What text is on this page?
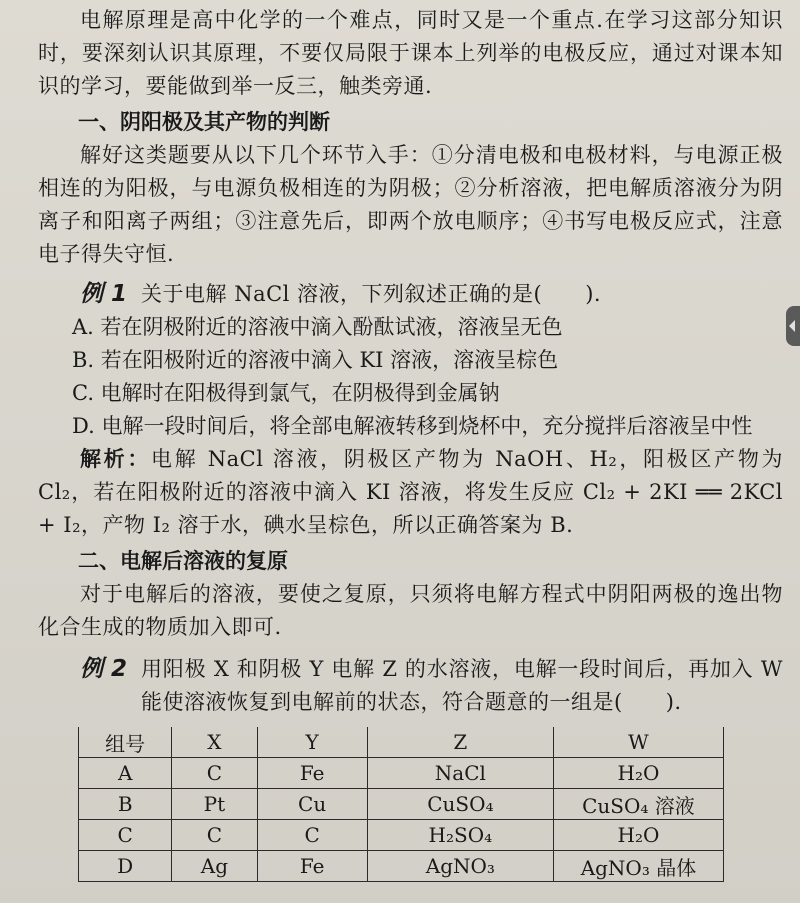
电解原理是高中化学的一个难点，同时又是一个重点.在学习这部分知识时，要深刻认识其原理，不要仅局限于课本上列举的电极反应，通过对课本知识的学习，要能做到举一反三，触类旁通.

一、阴阳极及其产物的判断

解好这类题要从以下几个环节入手：①分清电极和电极材料，与电源正极相连的为阳极，与电源负极相连的为阴极；②分析溶液，把电解质溶液分为阴离子和阳离子两组；③注意先后，即两个放电顺序；④书写电极反应式，注意电子得失守恒.

例 1 关于电解 NaCl 溶液，下列叙述正确的是(　　).

A. 若在阴极附近的溶液中滴入酚酞试液，溶液呈无色

B. 若在阳极附近的溶液中滴入 KI 溶液，溶液呈棕色

C. 电解时在阳极得到氯气，在阴极得到金属钠

D. 电解一段时间后，将全部电解液转移到烧杯中，充分搅拌后溶液呈中性

解析：电解 NaCl 溶液，阴极区产物为 NaOH、H₂，阳极区产物为 Cl₂，若在阳极附近的溶液中滴入 KI 溶液，将发生反应 Cl₂ + 2KI ══ 2KCl + I₂，产物 I₂ 溶于水，碘水呈棕色，所以正确答案为 B.

二、电解后溶液的复原

对于电解后的溶液，要使之复原，只须将电解方程式中阴阳两极的逸出物化合生成的物质加入即可.

例 2 用阳极 X 和阴极 Y 电解 Z 的水溶液，电解一段时间后，再加入 W 能使溶液恢复到电解前的状态，符合题意的一组是(　　).
组号	X	Y	Z	W
A	C	Fe	NaCl	H₂O
B	Pt	Cu	CuSO₄	CuSO₄ 溶液
C	C	C	H₂SO₄	H₂O
D	Ag	Fe	AgNO₃	AgNO₃ 晶体
